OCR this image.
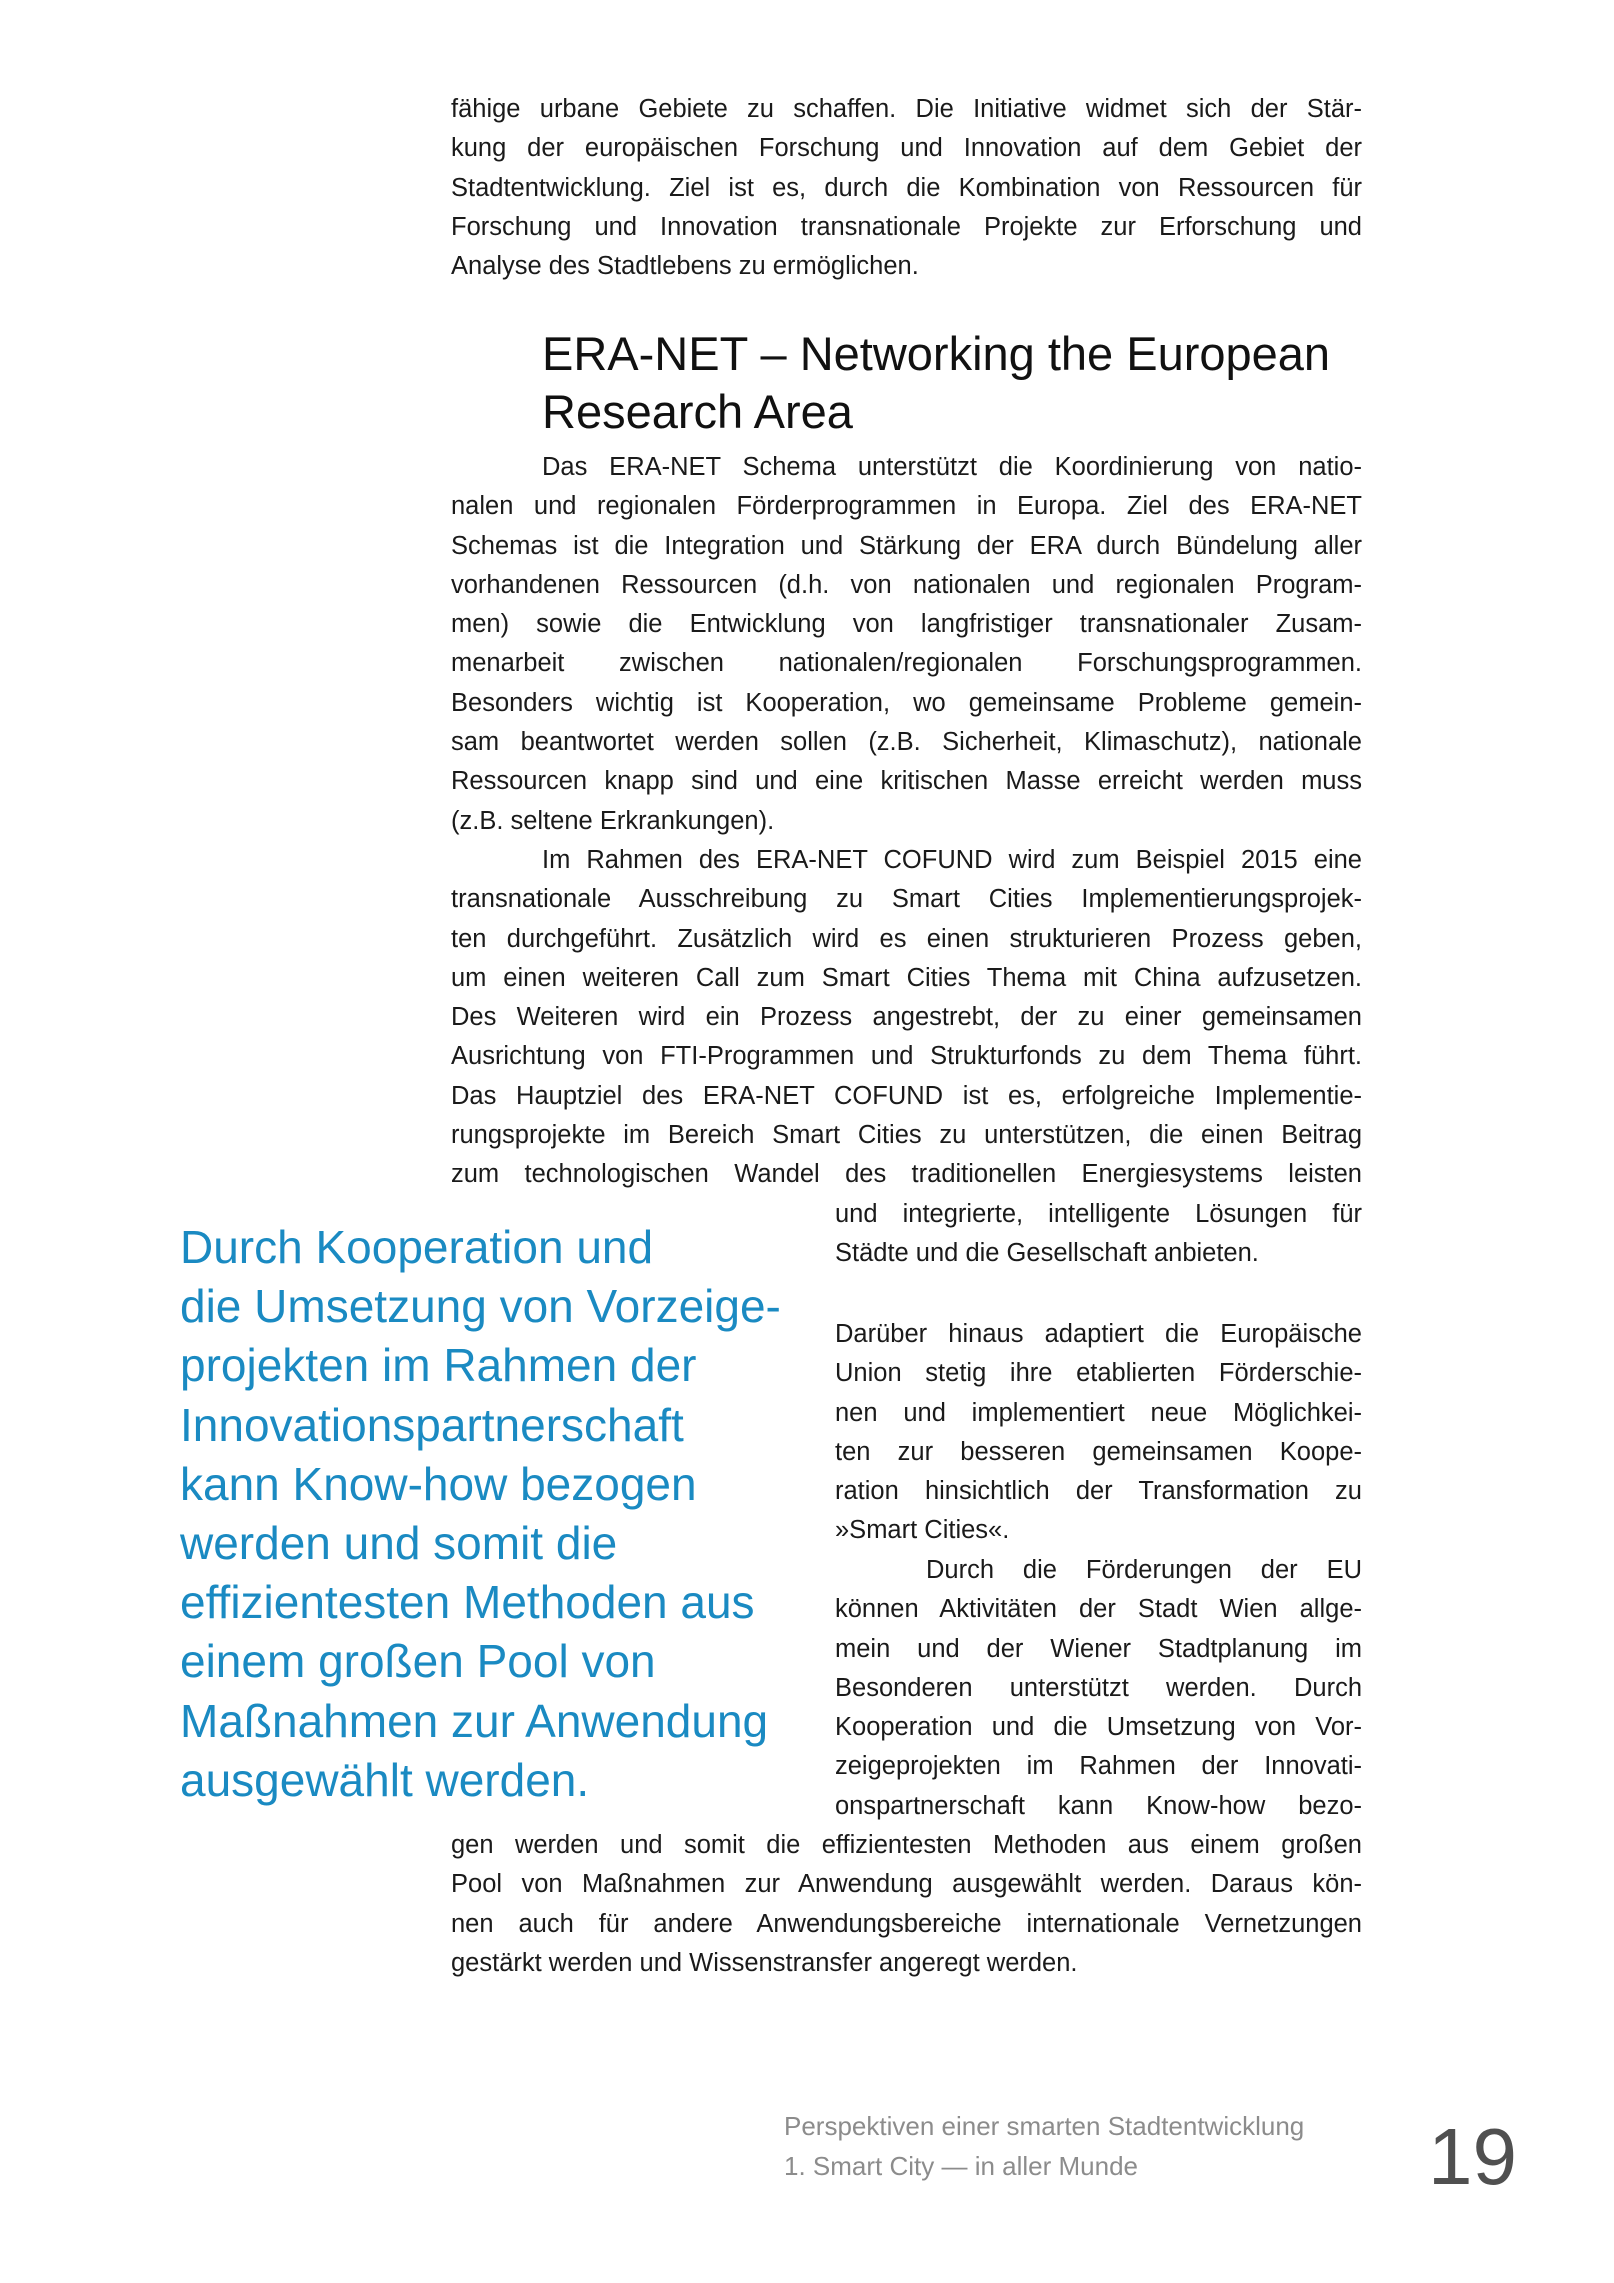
fähige urbane Gebiete zu schaffen. Die Initiative widmet sich der Stär-
kung der europäischen Forschung und Innovation auf dem Gebiet der
Stadtentwicklung. Ziel ist es, durch die Kombination von Ressourcen für
Forschung und Innovation transnationale Projekte zur Erforschung und
Analyse des Stadtlebens zu ermöglichen.
ERA-NET – Networking the European
Research Area
Das ERA-NET Schema unterstützt die Koordinierung von natio-
nalen und regionalen Förderprogrammen in Europa. Ziel des ERA-NET
Schemas ist die Integration und Stärkung der ERA durch Bündelung aller
vorhandenen Ressourcen (d.h. von nationalen und regionalen Program-
men) sowie die Entwicklung von langfristiger transnationaler Zusam-
menarbeit zwischen nationalen/regionalen Forschungsprogrammen.
Besonders wichtig ist Kooperation, wo gemeinsame Probleme gemein-
sam beantwortet werden sollen (z.B. Sicherheit, Klimaschutz), nationale
Ressourcen knapp sind und eine kritischen Masse erreicht werden muss
(z.B. seltene Erkrankungen).
Im Rahmen des ERA-NET COFUND wird zum Beispiel 2015 eine
transnationale Ausschreibung zu Smart Cities Implementierungsprojek-
ten durchgeführt. Zusätzlich wird es einen strukturieren Prozess geben,
um einen weiteren Call zum Smart Cities Thema mit China aufzusetzen.
Des Weiteren wird ein Prozess angestrebt, der zu einer gemeinsamen
Ausrichtung von FTI-Programmen und Strukturfonds zu dem Thema führt.
Das Hauptziel des ERA-NET COFUND ist es, erfolgreiche Implementie-
rungsprojekte im Bereich Smart Cities zu unterstützen, die einen Beitrag
zum technologischen Wandel des traditionellen Energiesystems leisten
und integrierte, intelligente Lösungen für
Städte und die Gesellschaft anbieten.
Darüber hinaus adaptiert die Europäische
Union stetig ihre etablierten Förderschie-
nen und implementiert neue Möglichkei-
ten zur besseren gemeinsamen Koope-
ration hinsichtlich der Transformation zu
»Smart Cities«.
Durch die Förderungen der EU
können Aktivitäten der Stadt Wien allge-
mein und der Wiener Stadtplanung im
Besonderen unterstützt werden. Durch
Kooperation und die Umsetzung von Vor-
zeigeprojekten im Rahmen der Innovati-
onspartnerschaft kann Know-how bezo-
gen werden und somit die effizientesten Methoden aus einem großen
Pool von Maßnahmen zur Anwendung ausgewählt werden. Daraus kön-
nen auch für andere Anwendungsbereiche internationale Vernetzungen
gestärkt werden und Wissenstransfer angeregt werden.
Durch Kooperation und
die Umsetzung von Vorzeige-
projekten im Rahmen der
Innovationspartnerschaft
kann Know-how bezogen
werden und somit die
effizientesten Methoden aus
einem großen Pool von
Maßnahmen zur Anwendung
ausgewählt werden.
Perspektiven einer smarten Stadtentwicklung
1. Smart City — in aller Munde	19
